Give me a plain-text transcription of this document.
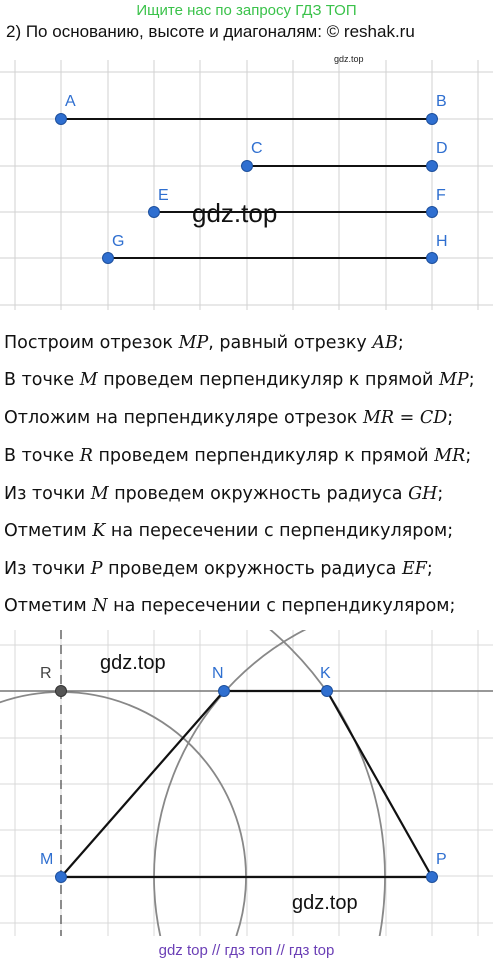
Ищите нас по запросу ГДЗ ТОП
2) По основанию, высоте и диагоналям: © reshak.ru
gdz.top
A	B
C	D
E	F
G	H
gdz.top
Построим отрезок MP, равный отрезку AB;
В точке M проведем перпендикуляр к прямой MP;
Отложим на перпендикуляре отрезок MR = CD;
В точке R проведем перпендикуляр к прямой MR;
Из точки M проведем окружность радиуса GH;
Отметим K на пересечении с перпендикуляром;
Из точки P проведем окружность радиуса EF;
Отметим N на пересечении с перпендикуляром;
R	N	K
M	P
gdz.top
gdz.top
gdz top // гдз топ // гдз top
